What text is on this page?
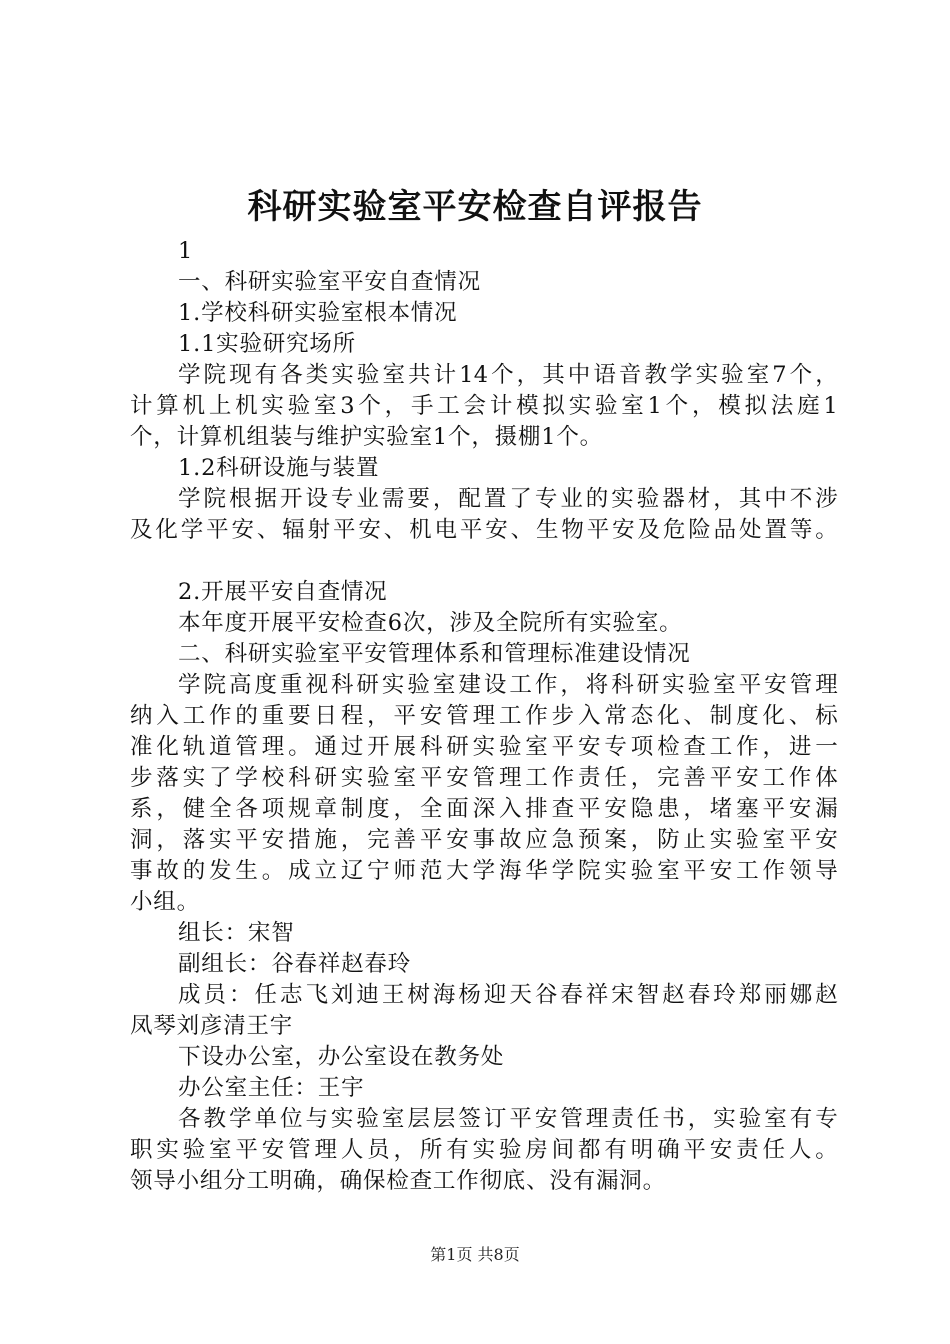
科研实验室平安检查自评报告
1
一、科研实验室平安自查情况
1.学校科研实验室根本情况
1.1实验研究场所
学院现有各类实验室共计14个，其中语音教学实验室7个，
计算机上机实验室3个，手工会计模拟实验室1个，模拟法庭1
个，计算机组装与维护实验室1个，摄棚1个。
1.2科研设施与装置
学院根据开设专业需要，配置了专业的实验器材，其中不涉
及化学平安、辐射平安、机电平安、生物平安及危险品处置等。
2.开展平安自查情况
本年度开展平安检查6次，涉及全院所有实验室。
二、科研实验室平安管理体系和管理标准建设情况
学院高度重视科研实验室建设工作，将科研实验室平安管理
纳入工作的重要日程，平安管理工作步入常态化、制度化、标
准化轨道管理。通过开展科研实验室平安专项检查工作，进一
步落实了学校科研实验室平安管理工作责任，完善平安工作体
系，健全各项规章制度，全面深入排查平安隐患，堵塞平安漏
洞，落实平安措施，完善平安事故应急预案，防止实验室平安
事故的发生。成立辽宁师范大学海华学院实验室平安工作领导
小组。
组长：宋智
副组长：谷春祥赵春玲
成员：任志飞刘迪王树海杨迎天谷春祥宋智赵春玲郑丽娜赵
凤琴刘彦清王宇
下设办公室，办公室设在教务处
办公室主任：王宇
各教学单位与实验室层层签订平安管理责任书，实验室有专
职实验室平安管理人员，所有实验房间都有明确平安责任人。
领导小组分工明确，确保检查工作彻底、没有漏洞。
第1页 共8页
